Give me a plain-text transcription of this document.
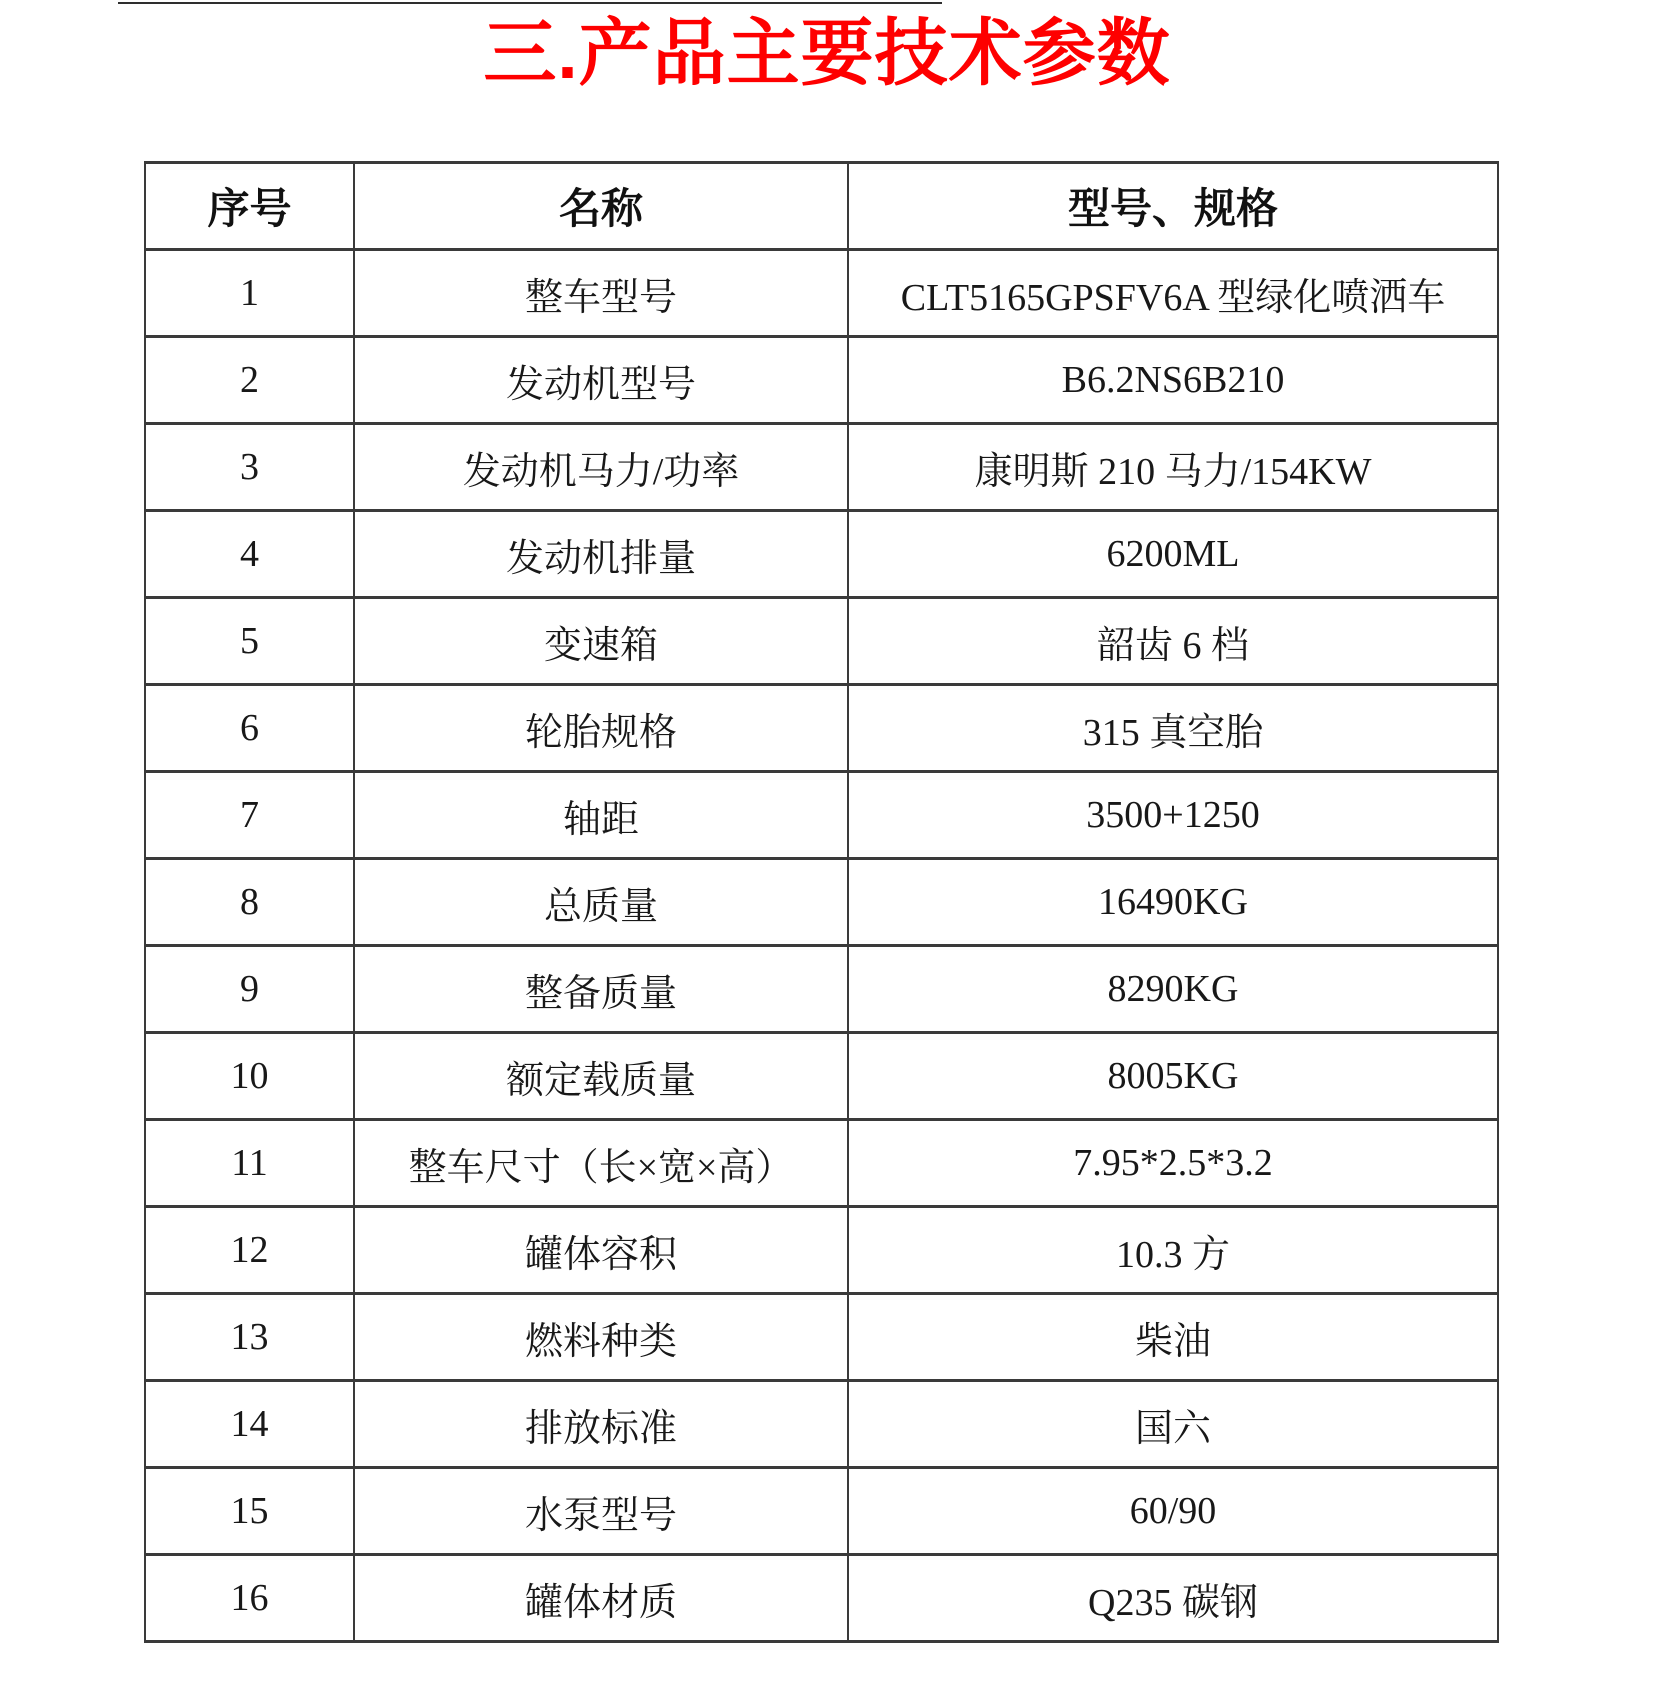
三.产品主要技术参数
序号	名称	型号、规格
1	整车型号	CLT5165GPSFV6A 型绿化喷洒车
2	发动机型号	B6.2NS6B210
3	发动机马力/功率	康明斯 210 马力/154KW
4	发动机排量	6200ML
5	变速箱	韶齿 6 档
6	轮胎规格	315 真空胎
7	轴距	3500+1250
8	总质量	16490KG
9	整备质量	8290KG
10	额定载质量	8005KG
11	整车尺寸（长×宽×高）	7.95*2.5*3.2
12	罐体容积	10.3 方
13	燃料种类	柴油
14	排放标准	国六
15	水泵型号	60/90
16	罐体材质	Q235 碳钢
